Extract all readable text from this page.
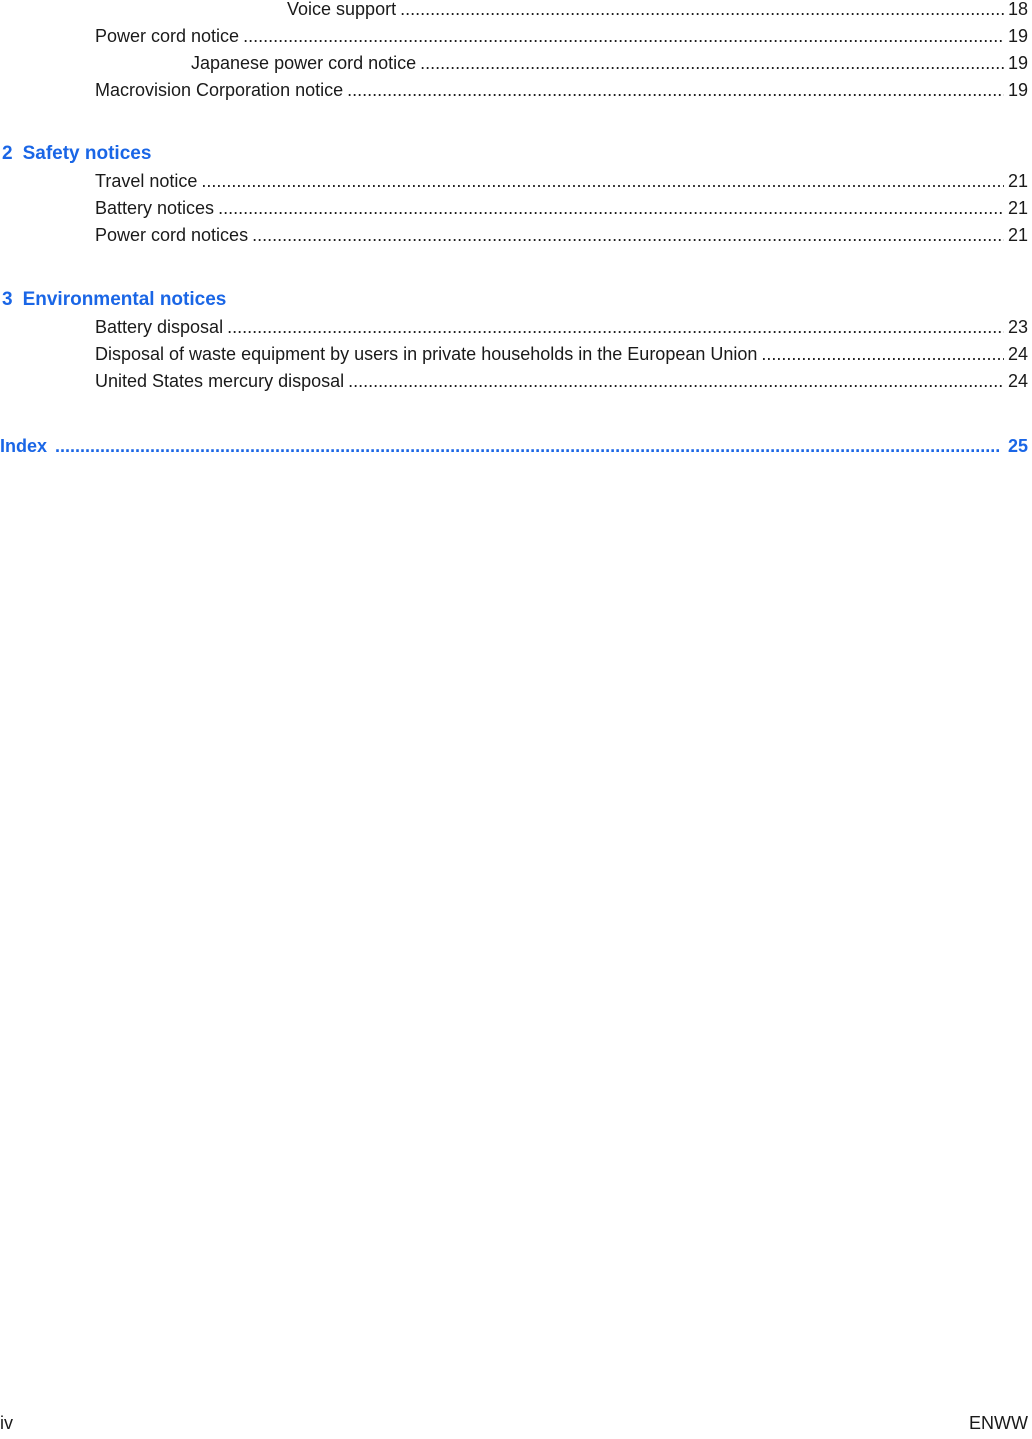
Voice support .....	18
Power cord notice .....	19
Japanese power cord notice .....	19
Macrovision Corporation notice .....	19
2 Safety notices
Travel notice .....	21
Battery notices .....	21
Power cord notices .....	21
3 Environmental notices
Battery disposal .....	23
Disposal of waste equipment by users in private households in the European Union .....	24
United States mercury disposal .....	24
Index .....	25
iv	ENWW
